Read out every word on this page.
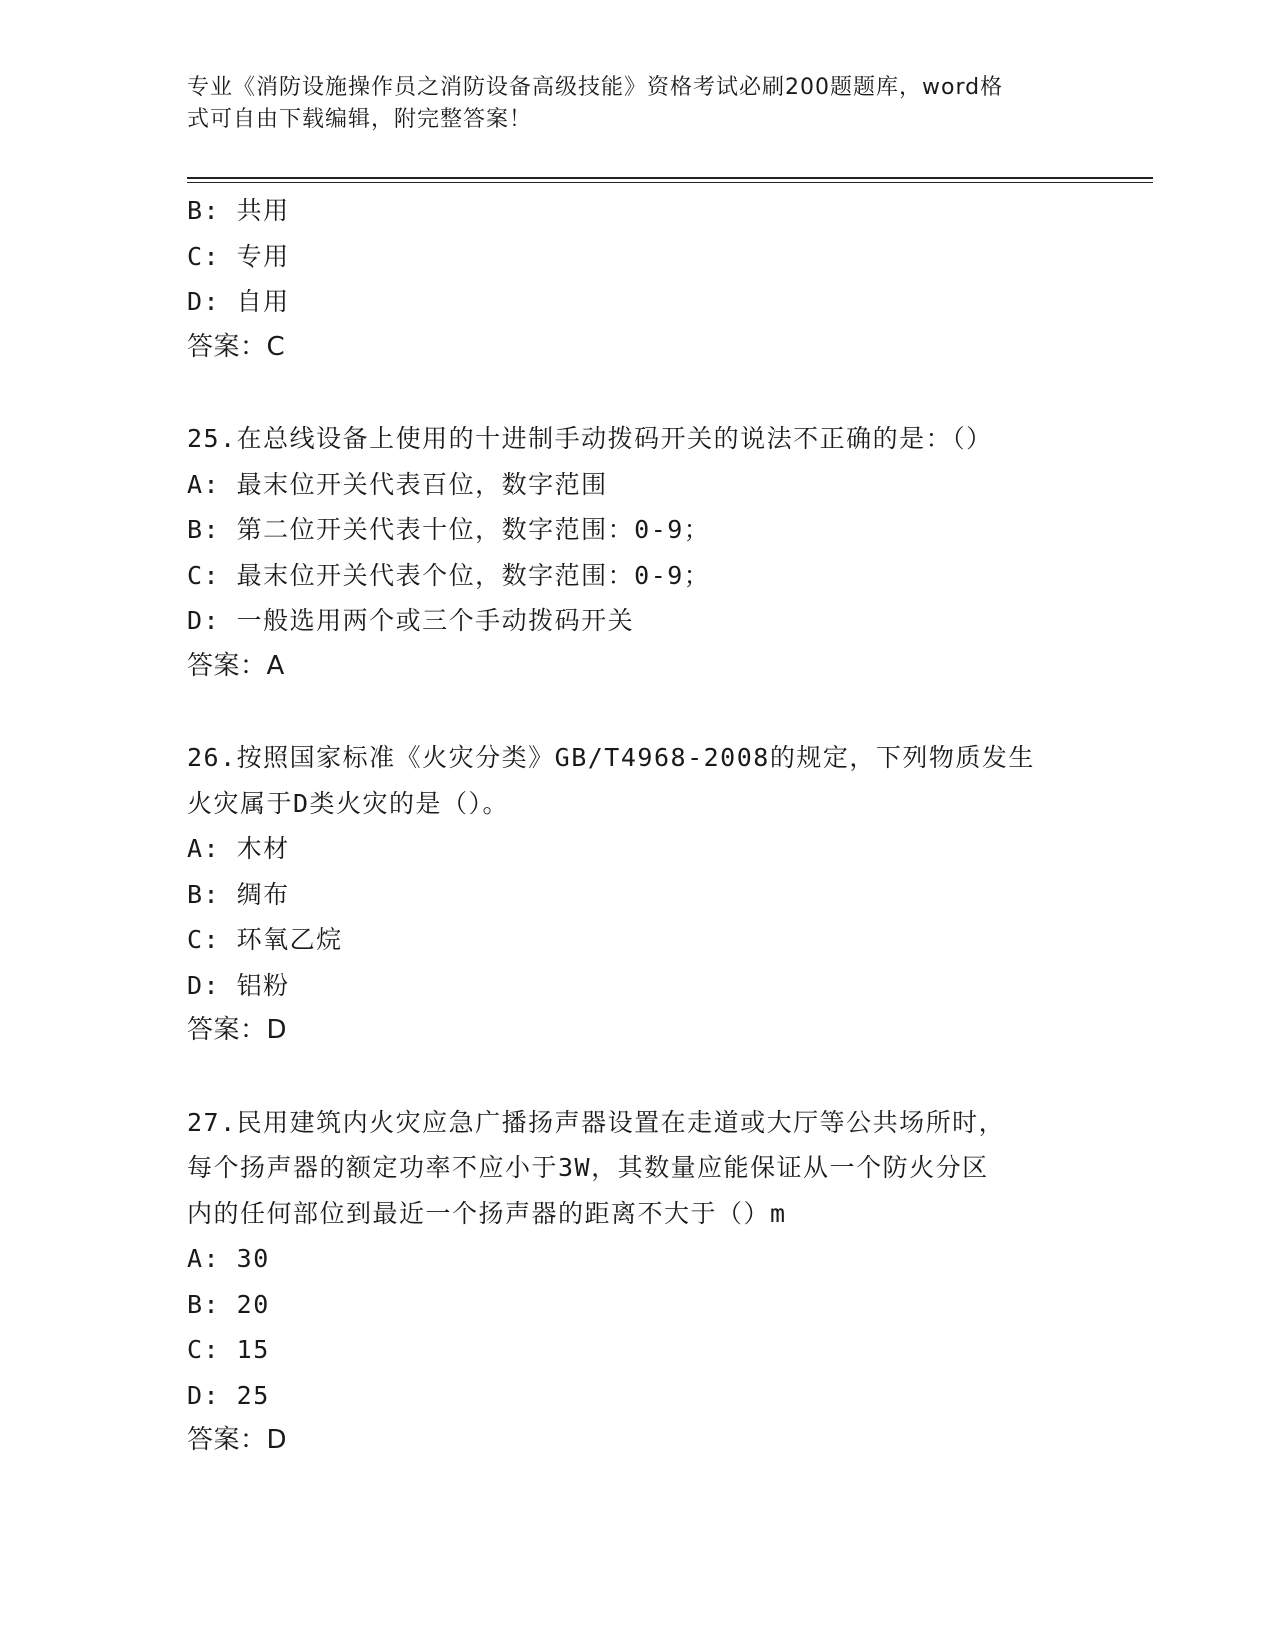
专业《消防设施操作员之消防设备高级技能》资格考试必刷200题题库，word格
式可自由下载编辑，附完整答案！
B: 共用
C: 专用
D: 自用
答案：C
25.在总线设备上使用的十进制手动拨码开关的说法不正确的是：（）
A: 最末位开关代表百位，数字范围
B: 第二位开关代表十位，数字范围：0-9；
C: 最末位开关代表个位，数字范围：0-9；
D: 一般选用两个或三个手动拨码开关
答案：A
26.按照国家标准《火灾分类》GB/T4968-2008的规定，下列物质发生
火灾属于D类火灾的是（）。
A: 木材
B: 绸布
C: 环氧乙烷
D: 铝粉
答案：D
27.民用建筑内火灾应急广播扬声器设置在走道或大厅等公共场所时，
每个扬声器的额定功率不应小于3W，其数量应能保证从一个防火分区
内的任何部位到最近一个扬声器的距离不大于（）m
A: 30
B: 20
C: 15
D: 25
答案：D
